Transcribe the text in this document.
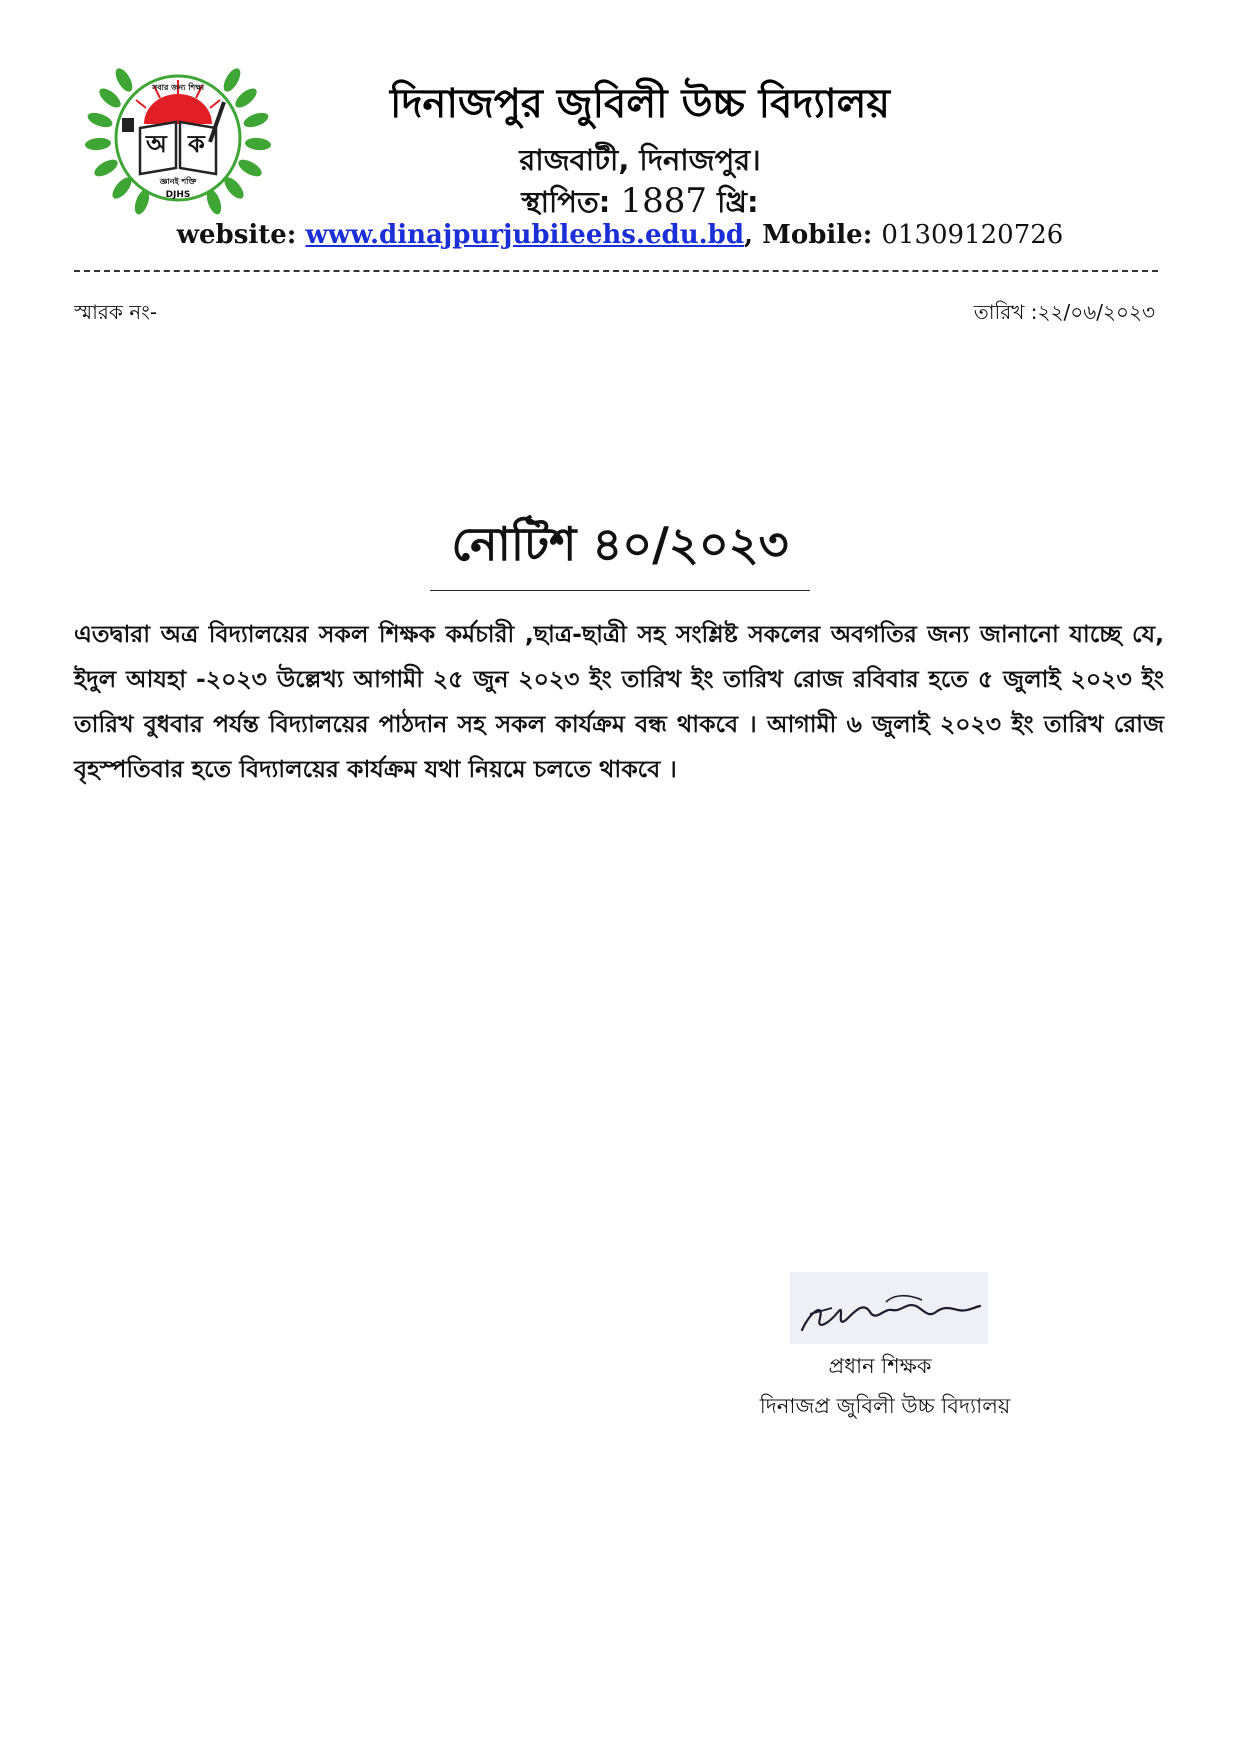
অ ক
সবার জন্য শিক্ষা
জ্ঞানই শক্তি
DJHS
দিনাজপুর জুবিলী উচ্চ বিদ্যালয়
রাজবাটী, দিনাজপুর।
স্থাপিত: 1887 খ্রি:
website: www.dinajpurjubileehs.edu.bd, Mobile: 01309120726
স্মারক নং-	তারিখ :২২/০৬/২০২৩
নোটিশ ৪০/২০২৩
এতদ্বারা অত্র বিদ্যালয়ের সকল শিক্ষক কর্মচারী ,ছাত্র-ছাত্রী সহ সংশ্লিষ্ট সকলের অবগতির জন্য জানানো যাচ্ছে যে, ইদুল আযহা -২০২৩ উল্লেখ্য আগামী ২৫ জুন ২০২৩ ইং তারিখ ইং তারিখ রোজ রবিবার হতে ৫ জুলাই ২০২৩ ইং তারিখ বুধবার পর্যন্ত বিদ্যালয়ের পাঠদান সহ সকল কার্যক্রম বন্ধ থাকবে । আগামী ৬ জুলাই ২০২৩ ইং তারিখ রোজ বৃহস্পতিবার হতে বিদ্যালয়ের কার্যক্রম যথা নিয়মে চলতে থাকবে ।
প্রধান শিক্ষক
দিনাজপ্র জুবিলী উচ্চ বিদ্যালয়
